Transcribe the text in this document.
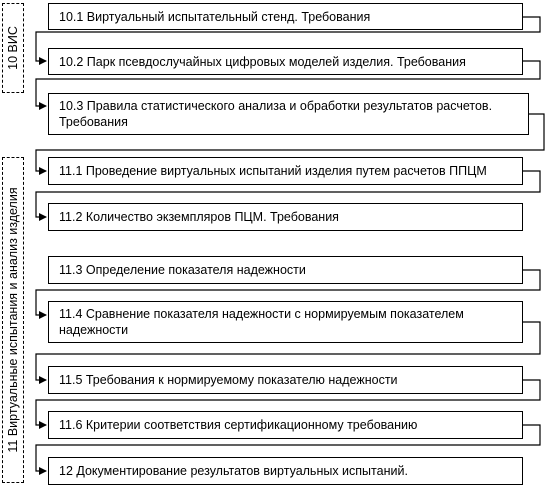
10 ВИС
11 Виртуальные испытания и анализ изделия
10.1 Виртуальный испытательный стенд. Требования
10.2 Парк псевдослучайных цифровых моделей изделия. Требования
10.3 Правила статистического анализа и обработки результатов расчетов. Требования
11.1 Проведение виртуальных испытаний изделия путем расчетов ППЦМ
11.2 Количество экземпляров ПЦМ. Требования
11.3 Определение показателя надежности
11.4 Сравнение показателя надежности с нормируемым показателем надежности
11.5 Требования к нормируемому показателю надежности
11.6 Критерии соответствия сертификационному требованию
12 Документирование результатов виртуальных испытаний.
